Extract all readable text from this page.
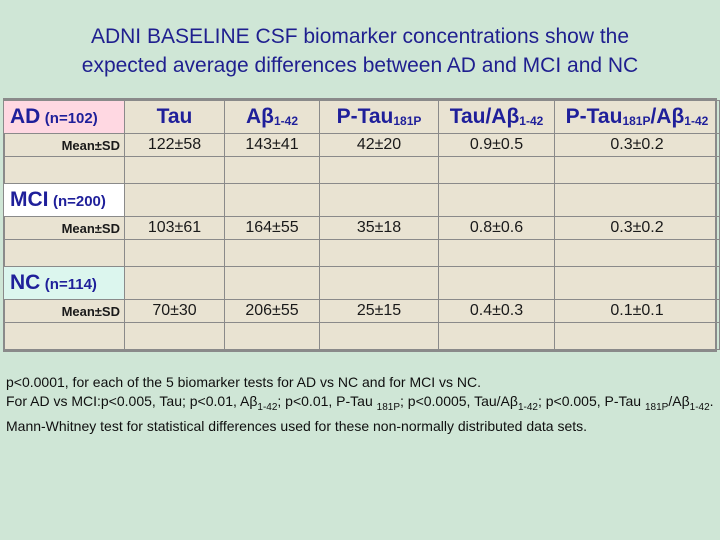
ADNI BASELINE CSF biomarker concentrations show the
expected average differences between AD and MCI and NC
AD (n=102)	Tau	$A\beta_{1-42}$	P-Tau$_{181P}$	Tau/$A\beta_{1-42}$	$P-Tau_{181P}/A\beta_{1-42}$
Mean±SD	122±58	143±41	42±20	0.9±0.5	0.3±0.2

MCI (n=200)					
Mean±SD	103±61	164±55	35±18	0.8±0.6	0.3±0.2

NC (n=114)					
Mean±SD	70±30	206±55	25±15	0.4±0.3	0.1±0.1

p<0.0001, for each of the 5 biomarker tests for AD vs NC and for MCI vs NC.

For AD vs MCI:p<0.005, Tau; p<0.01, $A\beta_{1-42}$; p<0.01, P-Tau $_{181P}$; p<0.0005, Tau/$A\beta_{1-42}$; p<0.005, P-Tau $_{181P}/A\beta_{1-42}$.

Mann-Whitney test for statistical differences used for these non-normally distributed data sets.
